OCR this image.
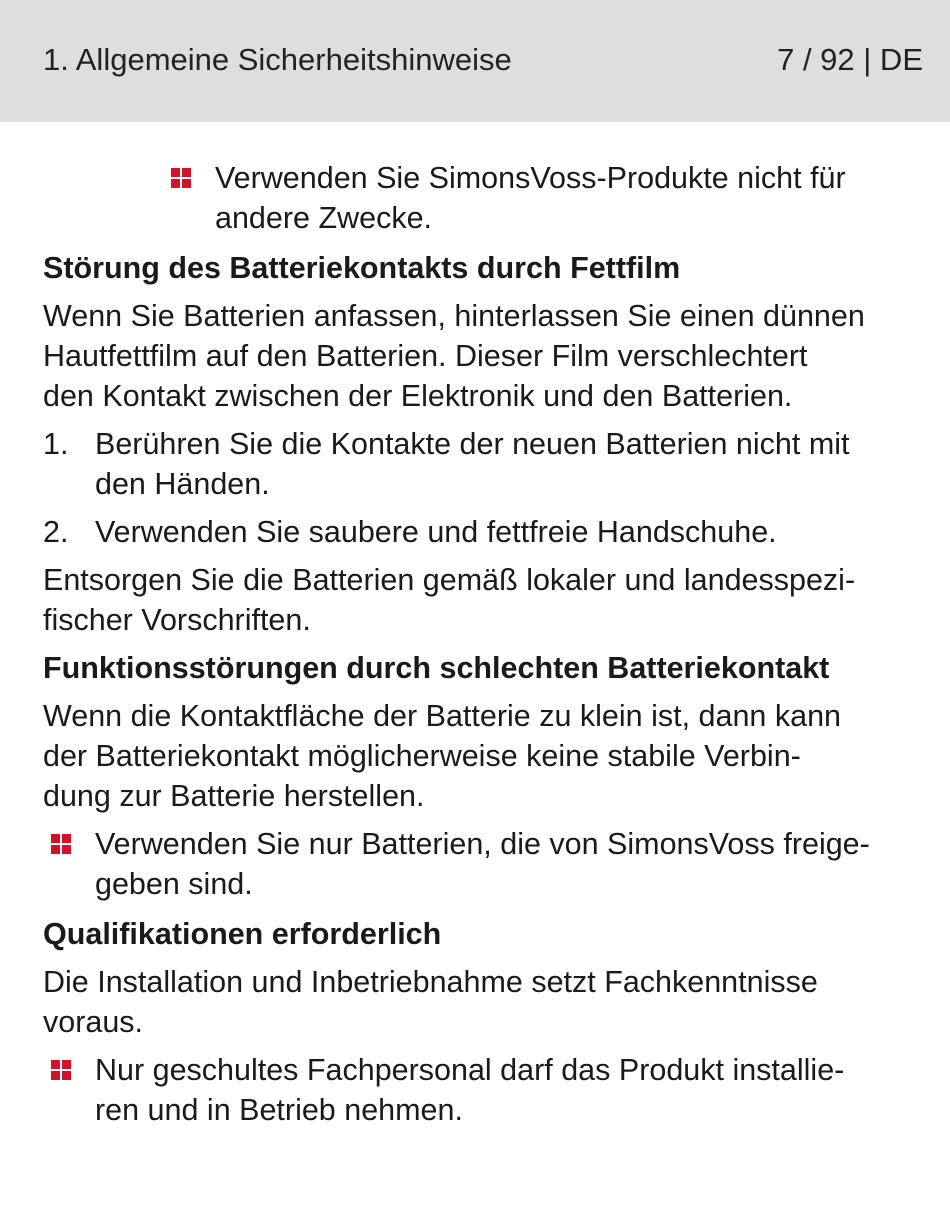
1. Allgemeine Sicherheitshinweise	7 / 92 | DE
Verwenden Sie SimonsVoss-Produkte nicht für
andere Zwecke.
Störung des Batteriekontakts durch Fettfilm

Wenn Sie Batterien anfassen, hinterlassen Sie einen dünnen
Hautfettfilm auf den Batterien. Dieser Film verschlechtert
den Kontakt zwischen der Elektronik und den Batterien.

1. Berühren Sie die Kontakte der neuen Batterien nicht mit
den Händen.
2. Verwenden Sie saubere und fettfreie Handschuhe.

Entsorgen Sie die Batterien gemäß lokaler und landesspezi-
fischer Vorschriften.

Funktionsstörungen durch schlechten Batteriekontakt

Wenn die Kontaktfläche der Batterie zu klein ist, dann kann
der Batteriekontakt möglicherweise keine stabile Verbin-
dung zur Batterie herstellen.

Verwenden Sie nur Batterien, die von SimonsVoss freige-
geben sind.
Qualifikationen erforderlich

Die Installation und Inbetriebnahme setzt Fachkenntnisse
voraus.

Nur geschultes Fachpersonal darf das Produkt installie-
ren und in Betrieb nehmen.
